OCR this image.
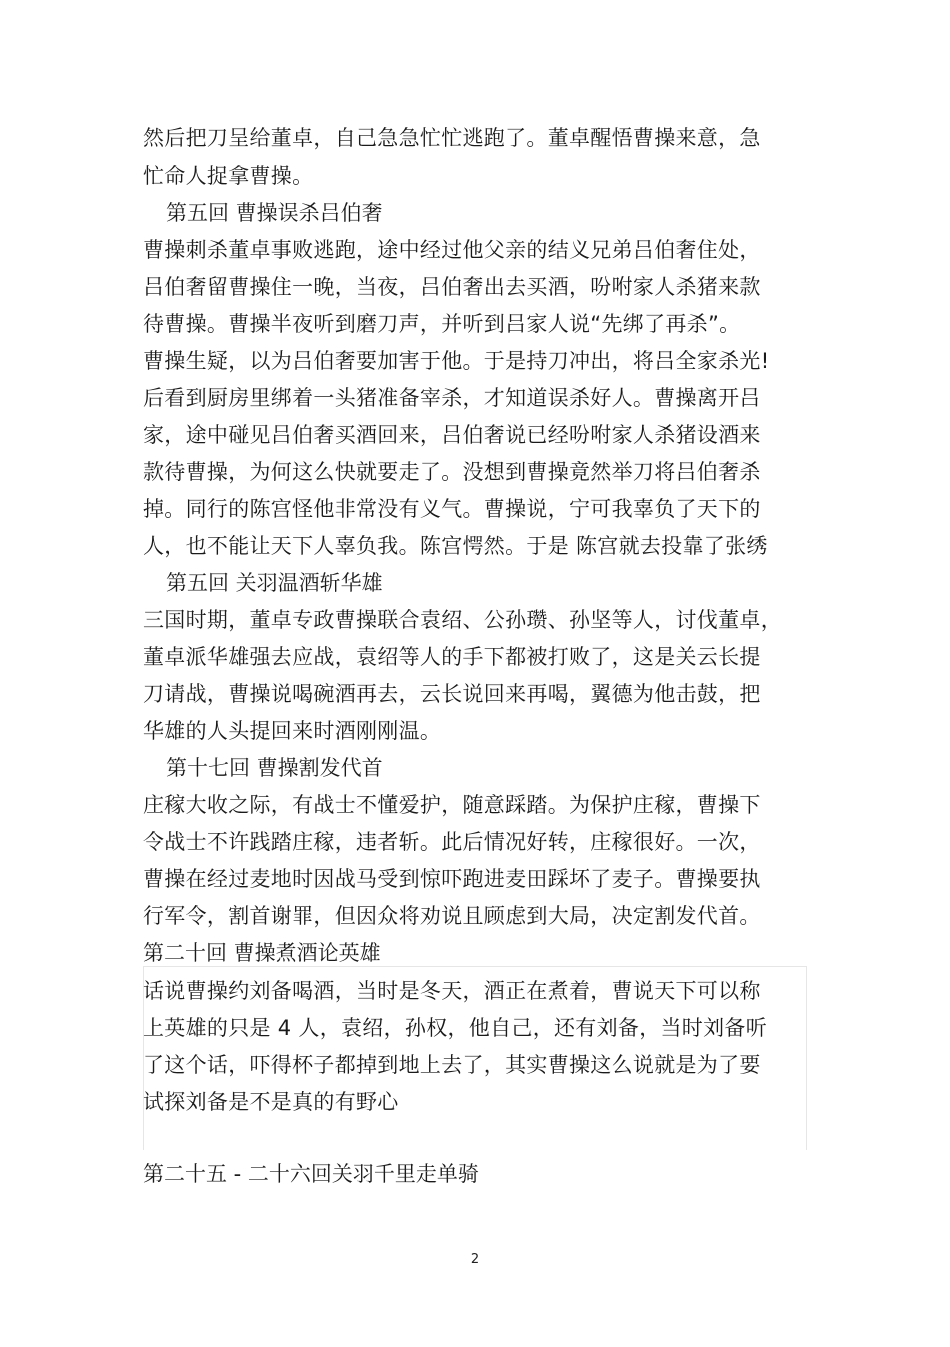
然后把刀呈给董卓，自己急急忙忙逃跑了。董卓醒悟曹操来意，急
忙命人捉拿曹操。
第五回 曹操误杀吕伯奢
曹操刺杀董卓事败逃跑，途中经过他父亲的结义兄弟吕伯奢住处，
吕伯奢留曹操住一晚，当夜，吕伯奢出去买酒，吩咐家人杀猪来款
待曹操。曹操半夜听到磨刀声，并听到吕家人说“先绑了再杀”。
曹操生疑，以为吕伯奢要加害于他。于是持刀冲出，将吕全家杀光!
后看到厨房里绑着一头猪准备宰杀，才知道误杀好人。曹操离开吕
家，途中碰见吕伯奢买酒回来，吕伯奢说已经吩咐家人杀猪设酒来
款待曹操，为何这么快就要走了。没想到曹操竟然举刀将吕伯奢杀
掉。同行的陈宫怪他非常没有义气。曹操说，宁可我辜负了天下的
人，也不能让天下人辜负我。陈宫愕然。于是 陈宫就去投靠了张绣
第五回 关羽温酒斩华雄
三国时期，董卓专政曹操联合袁绍、公孙瓒、孙坚等人，讨伐董卓，
董卓派华雄强去应战，袁绍等人的手下都被打败了，这是关云长提
刀请战，曹操说喝碗酒再去，云长说回来再喝，翼德为他击鼓，把
华雄的人头提回来时酒刚刚温。
第十七回 曹操割发代首
庄稼大收之际，有战士不懂爱护，随意踩踏。为保护庄稼，曹操下
令战士不许践踏庄稼，违者斩。此后情况好转，庄稼很好。一次，
曹操在经过麦地时因战马受到惊吓跑进麦田踩坏了麦子。曹操要执
行军令，割首谢罪，但因众将劝说且顾虑到大局，决定割发代首。
第二十回 曹操煮酒论英雄
话说曹操约刘备喝酒，当时是冬天，酒正在煮着，曹说天下可以称
上英雄的只是 4 人，袁绍，孙权，他自己，还有刘备，当时刘备听
了这个话，吓得杯子都掉到地上去了，其实曹操这么说就是为了要
试探刘备是不是真的有野心
第二十五 - 二十六回关羽千里走单骑
2
